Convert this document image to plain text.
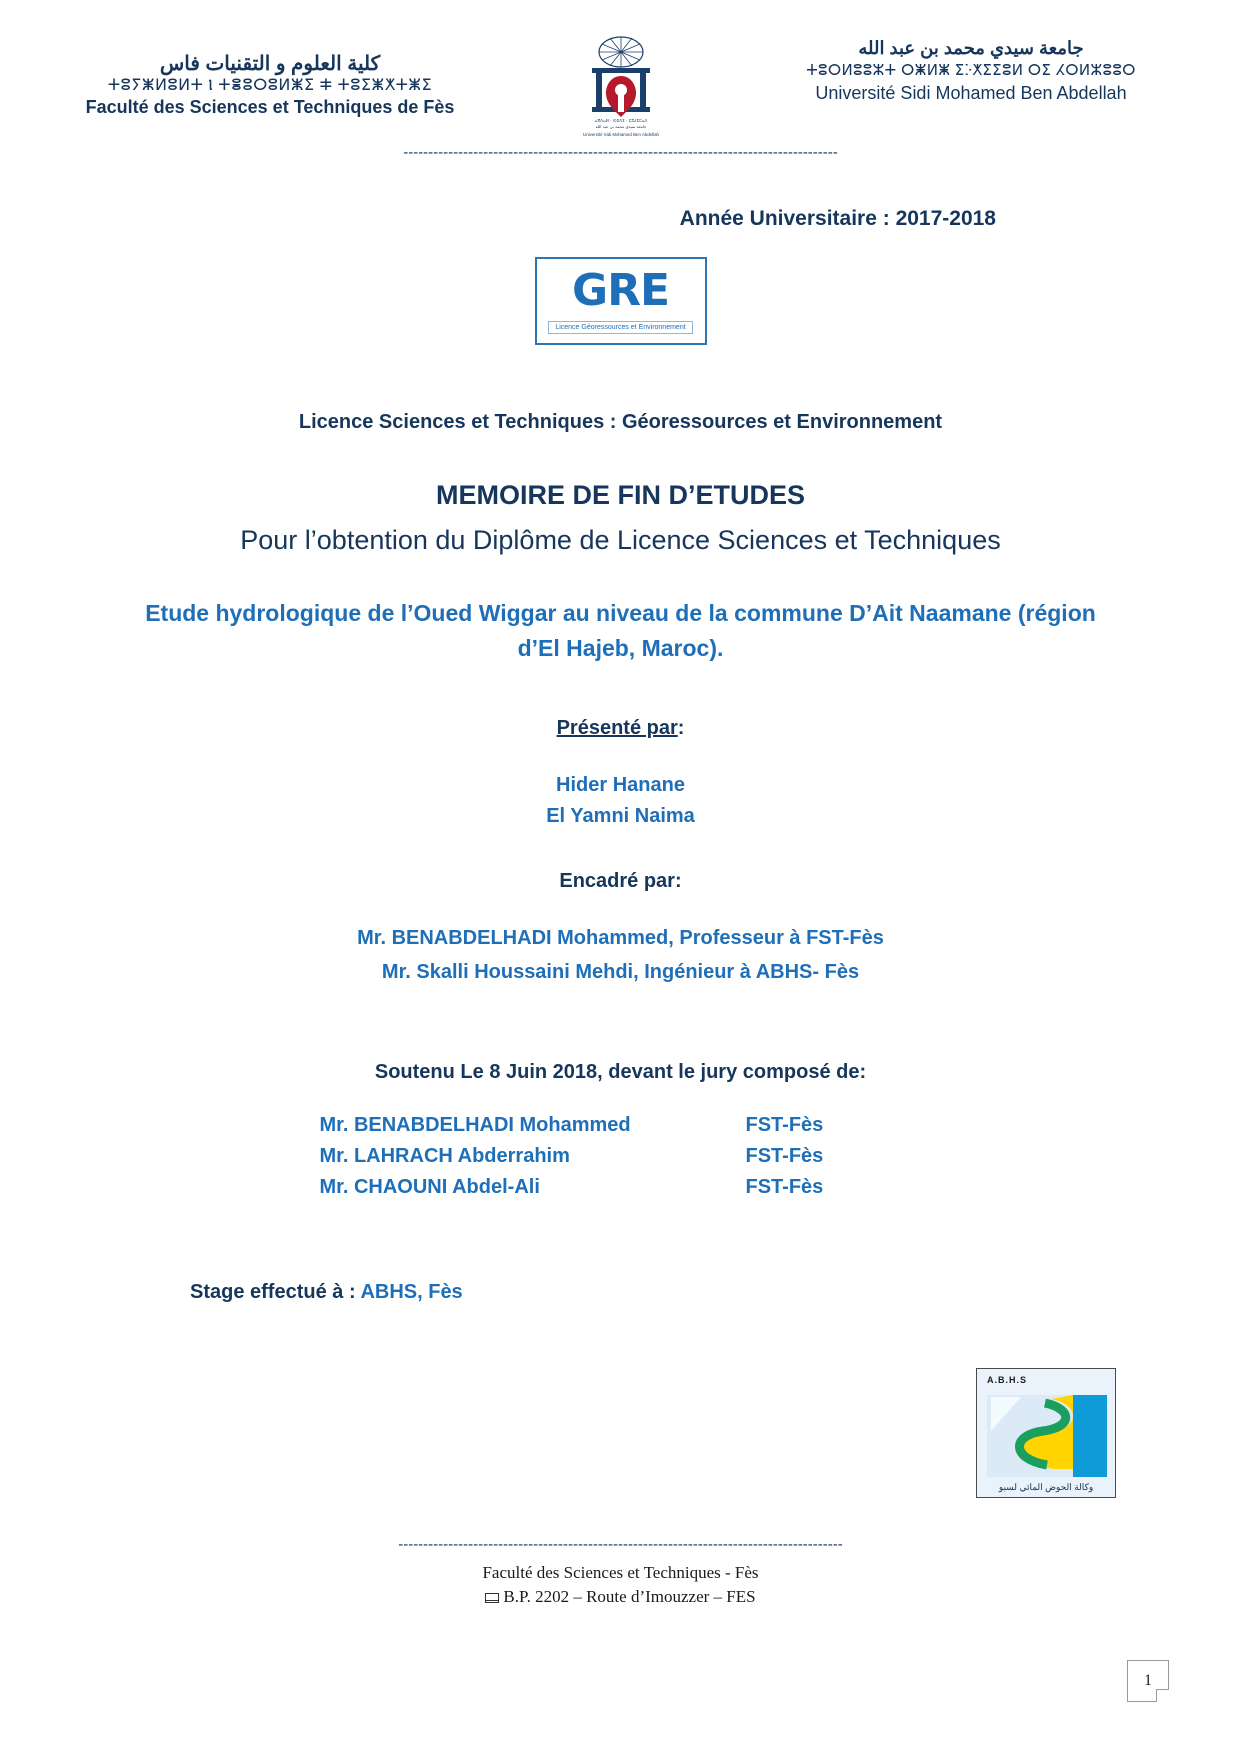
كلية العلوم و التقنيات فاس
ⵜⵓⵢⵥⵍⵓⵍⵜ Ⲓ ⵜⴻⵓⵔⵓⵍⵥⵉ ⵐ ⵜⵓⵉⵥⵅⵜⵥⵉ
Faculté des Sciences et Techniques de Fès
ⴰⴳⴷⴰⵍ · ⵙⵉⴷⵉ · ⵎⵓⵃⵎⵎⴰⴷ
جامعة سيدي محمد بن عبد الله
Université Sidi Mohamed Ben Abdellah
جامعة سيدي محمد بن عبد الله
ⵜⵓⵔⵍⵓⵓⵣⵜ ⵔⵥⵍⵥ ⵉⴾⵅⵉⵉⵓⵍ ⵔⵉ ⵃⵔⵍⵣⵓⵓⵔ
Université Sidi Mohamed Ben Abdellah
---------------------------------------------------------------------------------------
Année Universitaire : 2017-2018
GRE
Licence Géoressources et Environnement
Licence Sciences et Techniques : Géoressources et Environnement
MEMOIRE DE FIN D’ETUDES
Pour l’obtention du Diplôme de Licence Sciences et Techniques
Etude hydrologique de l’Oued Wiggar au niveau de la commune D’Ait Naamane (région d’El Hajeb, Maroc).
Présenté par:
Hider Hanane
El Yamni Naima
Encadré par:
Mr. BENABDELHADI Mohammed, Professeur à FST-Fès
Mr. Skalli Houssaini Mehdi, Ingénieur à ABHS- Fès
Soutenu Le 8 Juin 2018, devant le jury composé de:
Mr. BENABDELHADI Mohammed	FST-Fès
Mr. LAHRACH Abderrahim	FST-Fès
Mr. CHAOUNI Abdel-Ali	FST-Fès
Stage effectué à : ABHS, Fès
A.B.H.S
وكالة الحوض المائي لسبو
-----------------------------------------------------------------------------------------
Faculté des Sciences et Techniques - Fès
B.P. 2202 – Route d’Imouzzer – FES
1
